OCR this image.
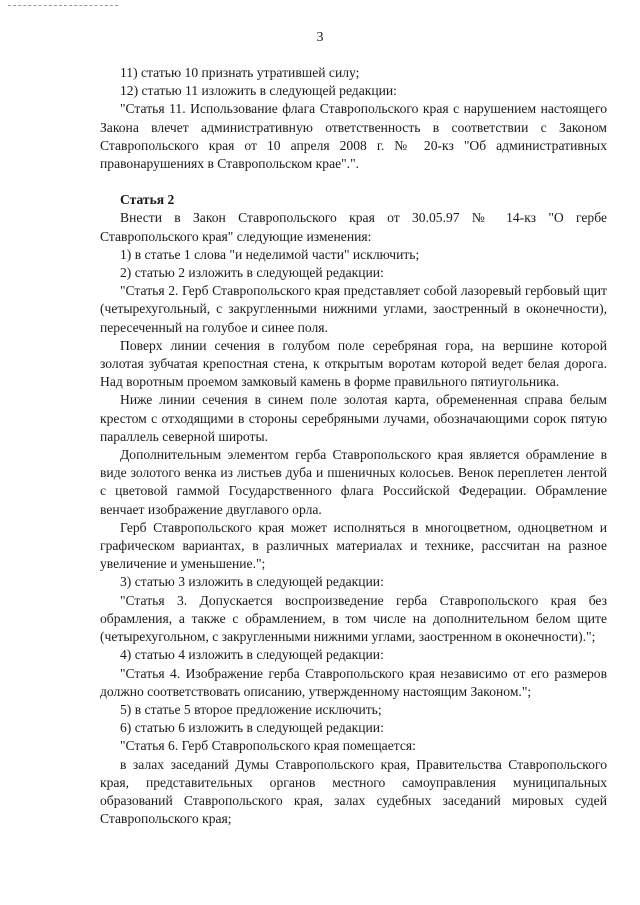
3

11) статью 10 признать утратившей силу;

12) статью 11 изложить в следующей редакции:

"Статья 11. Использование флага Ставропольского края с нарушением настоящего Закона влечет административную ответственность в соответствии с Законом Ставропольского края от 10 апреля 2008 г. № 20-кз "Об административных правонарушениях в Ставропольском крае".".

Статья 2

Внести в Закон Ставропольского края от 30.05.97 № 14-кз "О гербе Ставропольского края" следующие изменения:

1) в статье 1 слова "и неделимой части" исключить;

2) статью 2 изложить в следующей редакции:

"Статья 2. Герб Ставропольского края представляет собой лазоревый гербовый щит (четырехугольный, с закругленными нижними углами, заостренный в оконечности), пересеченный на голубое и синее поля.

Поверх линии сечения в голубом поле серебряная гора, на вершине которой золотая зубчатая крепостная стена, к открытым воротам которой ведет белая дорога. Над воротным проемом замковый камень в форме правильного пятиугольника.

Ниже линии сечения в синем поле золотая карта, обремененная справа белым крестом с отходящими в стороны серебряными лучами, обозначающими сорок пятую параллель северной широты.

Дополнительным элементом герба Ставропольского края является обрамление в виде золотого венка из листьев дуба и пшеничных колосьев. Венок переплетен лентой с цветовой гаммой Государственного флага Российской Федерации. Обрамление венчает изображение двуглавого орла.

Герб Ставропольского края может исполняться в многоцветном, одноцветном и графическом вариантах, в различных материалах и технике, рассчитан на разное увеличение и уменьшение.";

3) статью 3 изложить в следующей редакции:

"Статья 3. Допускается воспроизведение герба Ставропольского края без обрамления, а также с обрамлением, в том числе на дополнительном белом щите (четырехугольном, с закругленными нижними углами, заостренном в оконечности).";

4) статью 4 изложить в следующей редакции:

"Статья 4. Изображение герба Ставропольского края независимо от его размеров должно соответствовать описанию, утвержденному настоящим Законом.";

5) в статье 5 второе предложение исключить;

6) статью 6 изложить в следующей редакции:

"Статья 6. Герб Ставропольского края помещается:

в залах заседаний Думы Ставропольского края, Правительства Ставропольского края, представительных органов местного самоуправления муниципальных образований Ставропольского края, залах судебных заседаний мировых судей Ставропольского края;
